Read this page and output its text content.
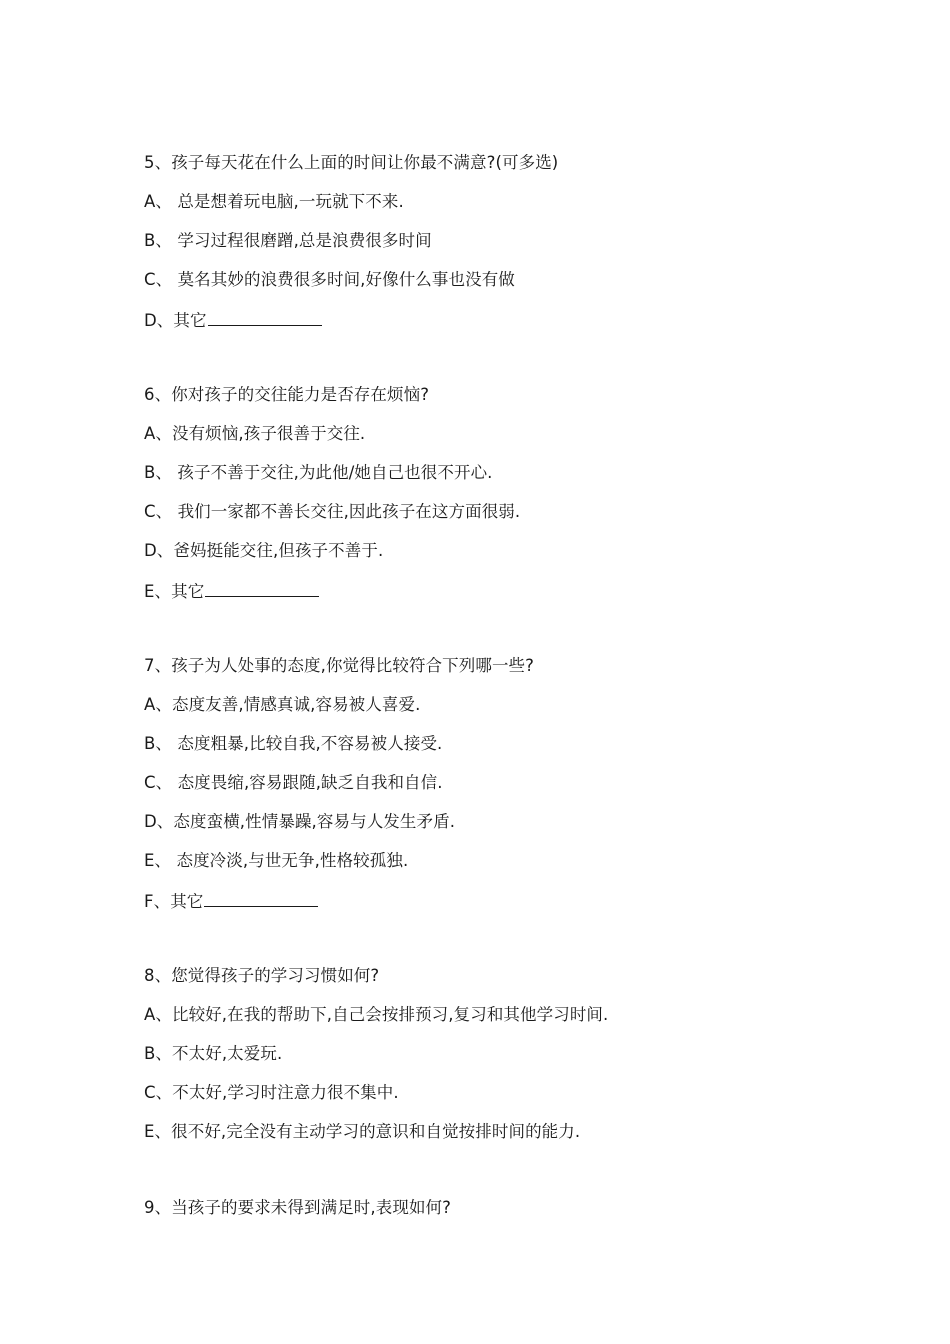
5、孩子每天花在什么上面的时间让你最不满意?(可多选)
A、 总是想着玩电脑,一玩就下不来.
B、 学习过程很磨蹭,总是浪费很多时间
C、 莫名其妙的浪费很多时间,好像什么事也没有做
D、其它
6、你对孩子的交往能力是否存在烦恼?
A、没有烦恼,孩子很善于交往.
B、 孩子不善于交往,为此他/她自己也很不开心.
C、 我们一家都不善长交往,因此孩子在这方面很弱.
D、爸妈挺能交往,但孩子不善于.
E、其它
7、孩子为人处事的态度,你觉得比较符合下列哪一些?
A、态度友善,情感真诚,容易被人喜爱.
B、 态度粗暴,比较自我,不容易被人接受.
C、 态度畏缩,容易跟随,缺乏自我和自信.
D、态度蛮横,性情暴躁,容易与人发生矛盾.
E、 态度冷淡,与世无争,性格较孤独.
F、其它
8、您觉得孩子的学习习惯如何?
A、比较好,在我的帮助下,自己会按排预习,复习和其他学习时间.
B、不太好,太爱玩.
C、不太好,学习时注意力很不集中.
E、很不好,完全没有主动学习的意识和自觉按排时间的能力.
9、当孩子的要求未得到满足时,表现如何?
